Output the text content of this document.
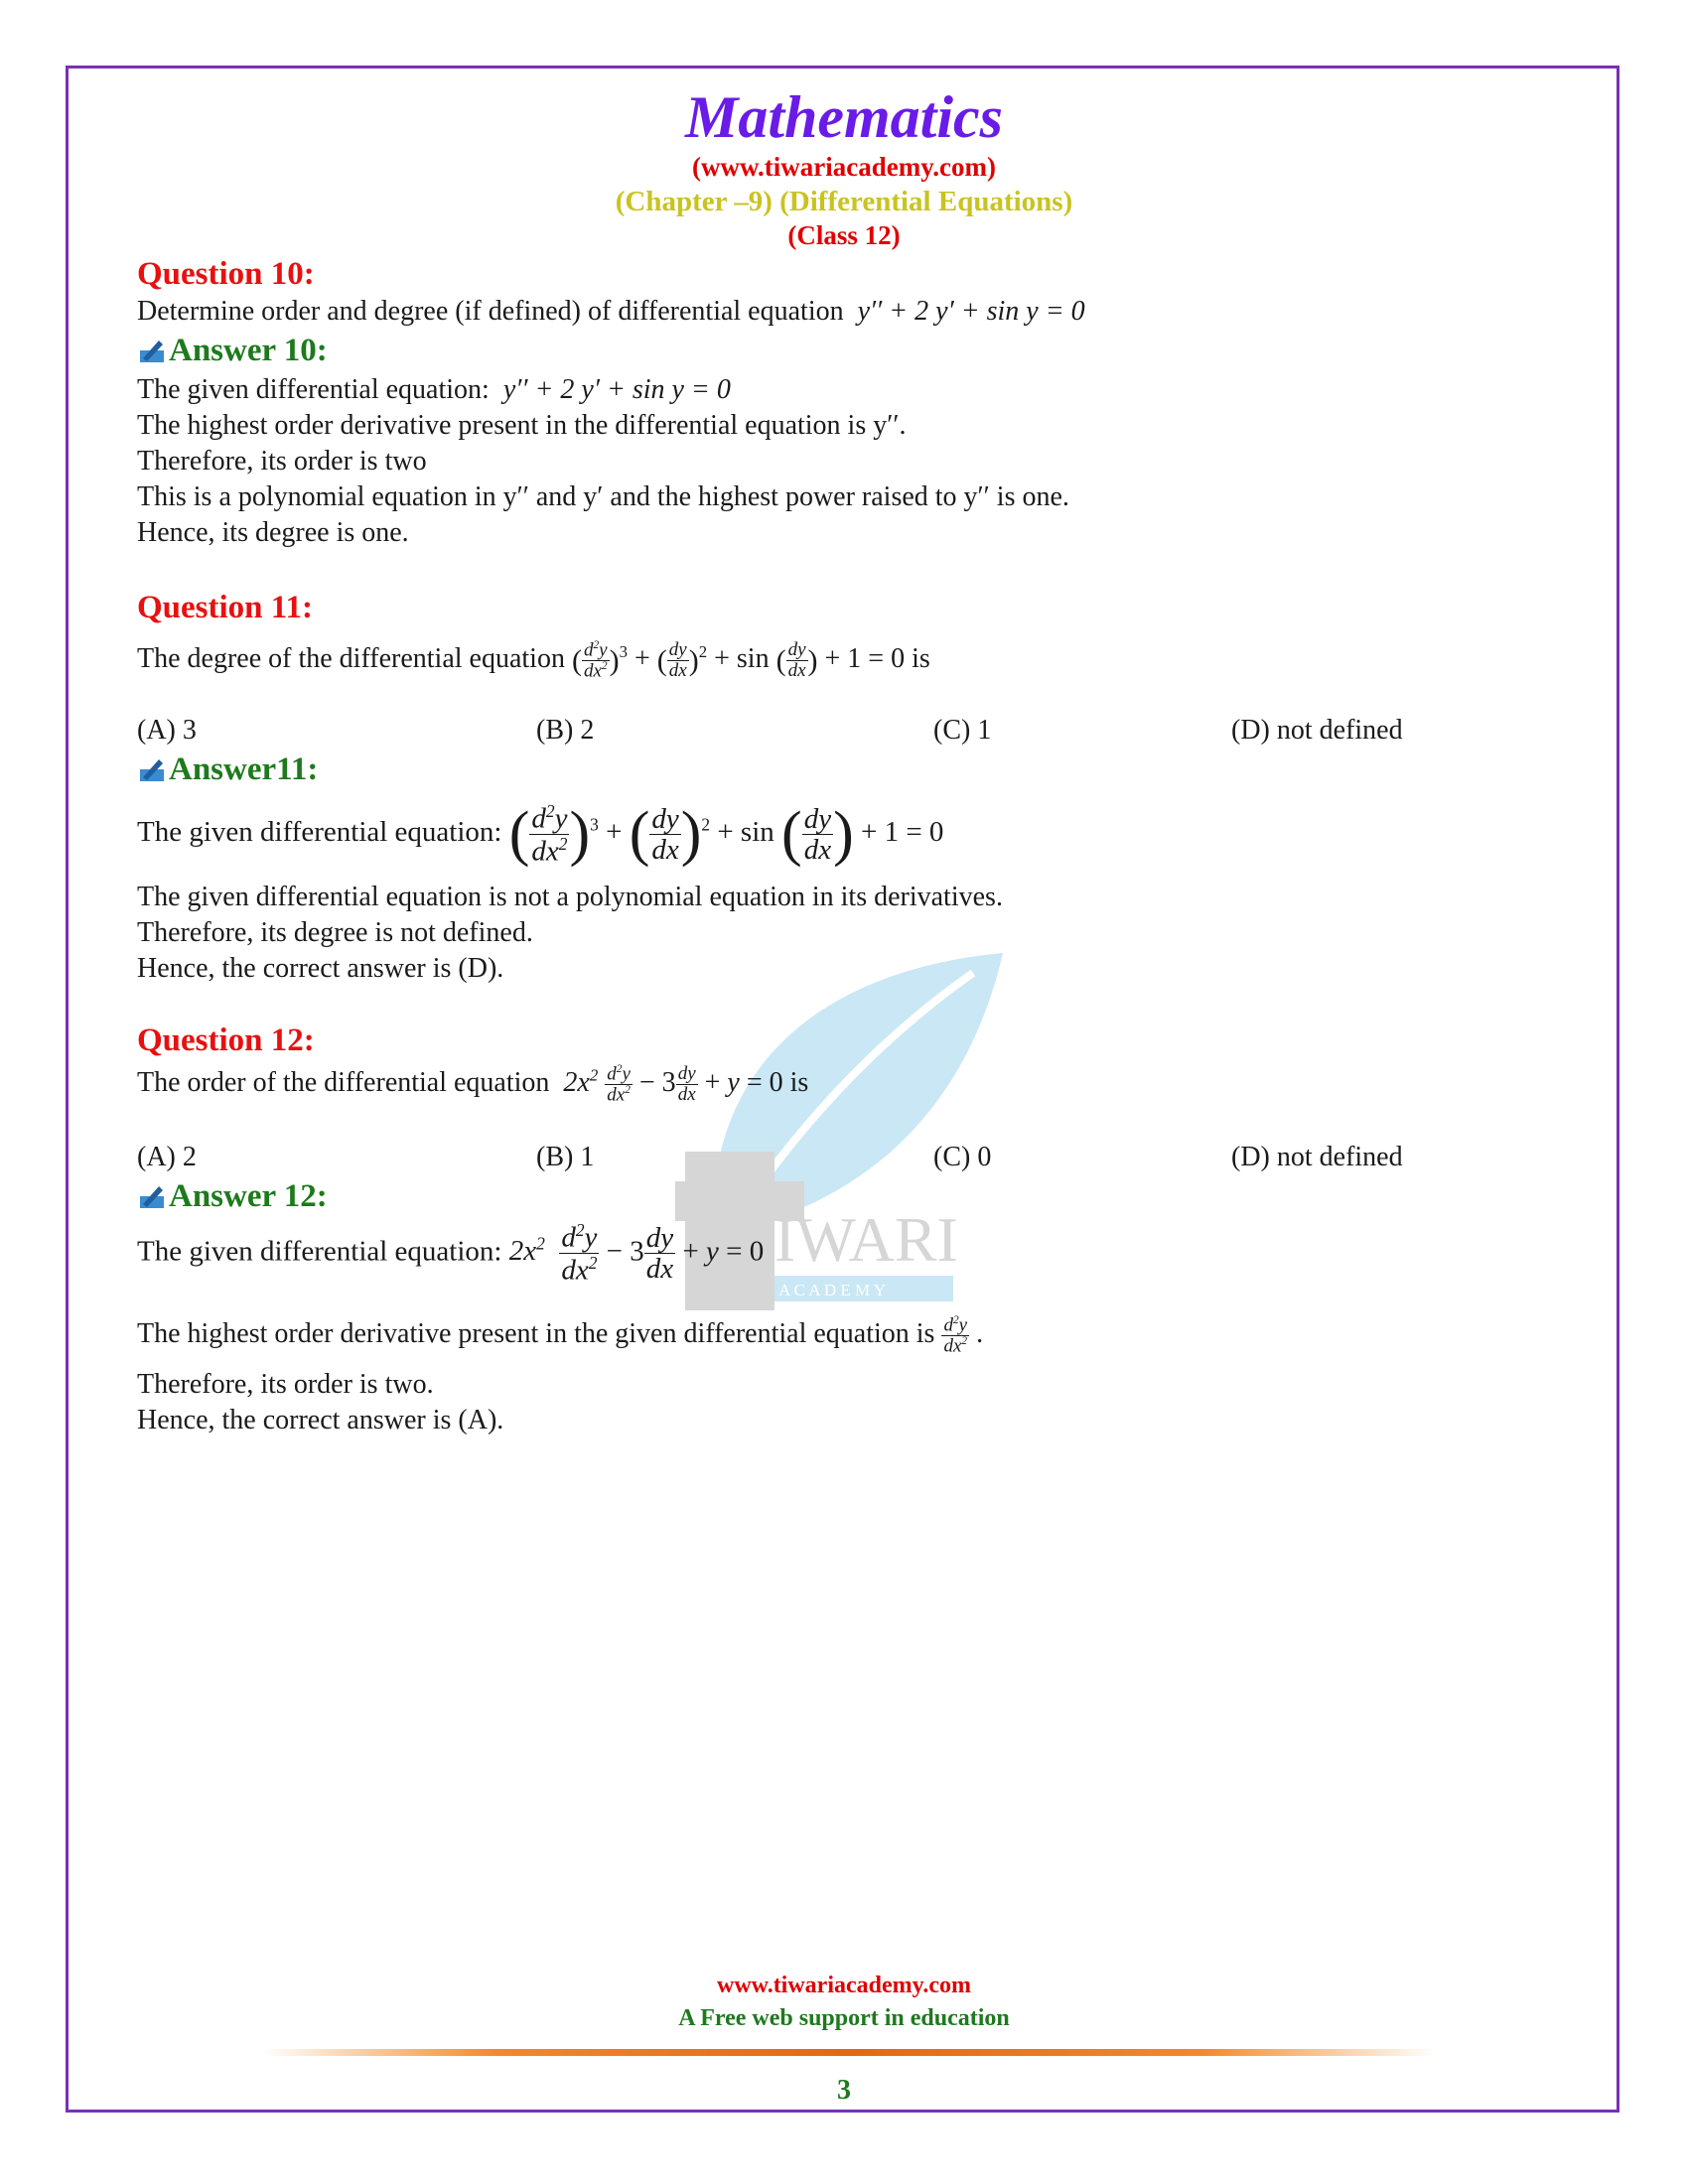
Mathematics
(www.tiwariacademy.com)
(Chapter –9) (Differential Equations)
(Class 12)
IWARI
A C A D E M Y
Question 10:
Determine order and degree (if defined) of differential equation y′′ + 2 y′ + sin y = 0
Answer 10:
The given differential equation: y′′ + 2 y′ + sin y = 0
The highest order derivative present in the differential equation is y′′.
Therefore, its order is two
This is a polynomial equation in y′′ and y′ and the highest power raised to y′′ is one.
Hence, its degree is one.
Question 11:
The degree of the differential equation ( $\frac{d^2y}{dx^2} )^3$ + ( $\frac{dy}{dx} )^2 + \sin$ ( $\frac{dy}{dx}$ ) + 1 = 0 is
(A) 3	(B) 2	(C) 1	(D) not defined
Answer11:
The given differential equation: ( $\frac{d^2y}{dx^2} )^3$ + ( $\frac{dy}{dx} )^2 + \sin$ ( $\frac{dy}{dx}$ ) + 1 = 0
The given differential equation is not a polynomial equation in its derivatives.
Therefore, its degree is not defined.
Hence, the correct answer is (D).
Question 12:
The order of the differential equation $2x^2 \frac{d^2y}{dx^2} - 3 \frac{dy}{dx} + y = 0$ is
(A) 2	(B) 1	(C) 0	(D) not defined
Answer 12:
The given differential equation: $2x^2 \frac{d^2y}{dx^2} - 3 \frac{dy}{dx} + y = 0$
The highest order derivative present in the given differential equation is $\frac{d^2y}{dx^2}$ .
Therefore, its order is two.
Hence, the correct answer is (A).
www.tiwariacademy.com
A Free web support in education
3
